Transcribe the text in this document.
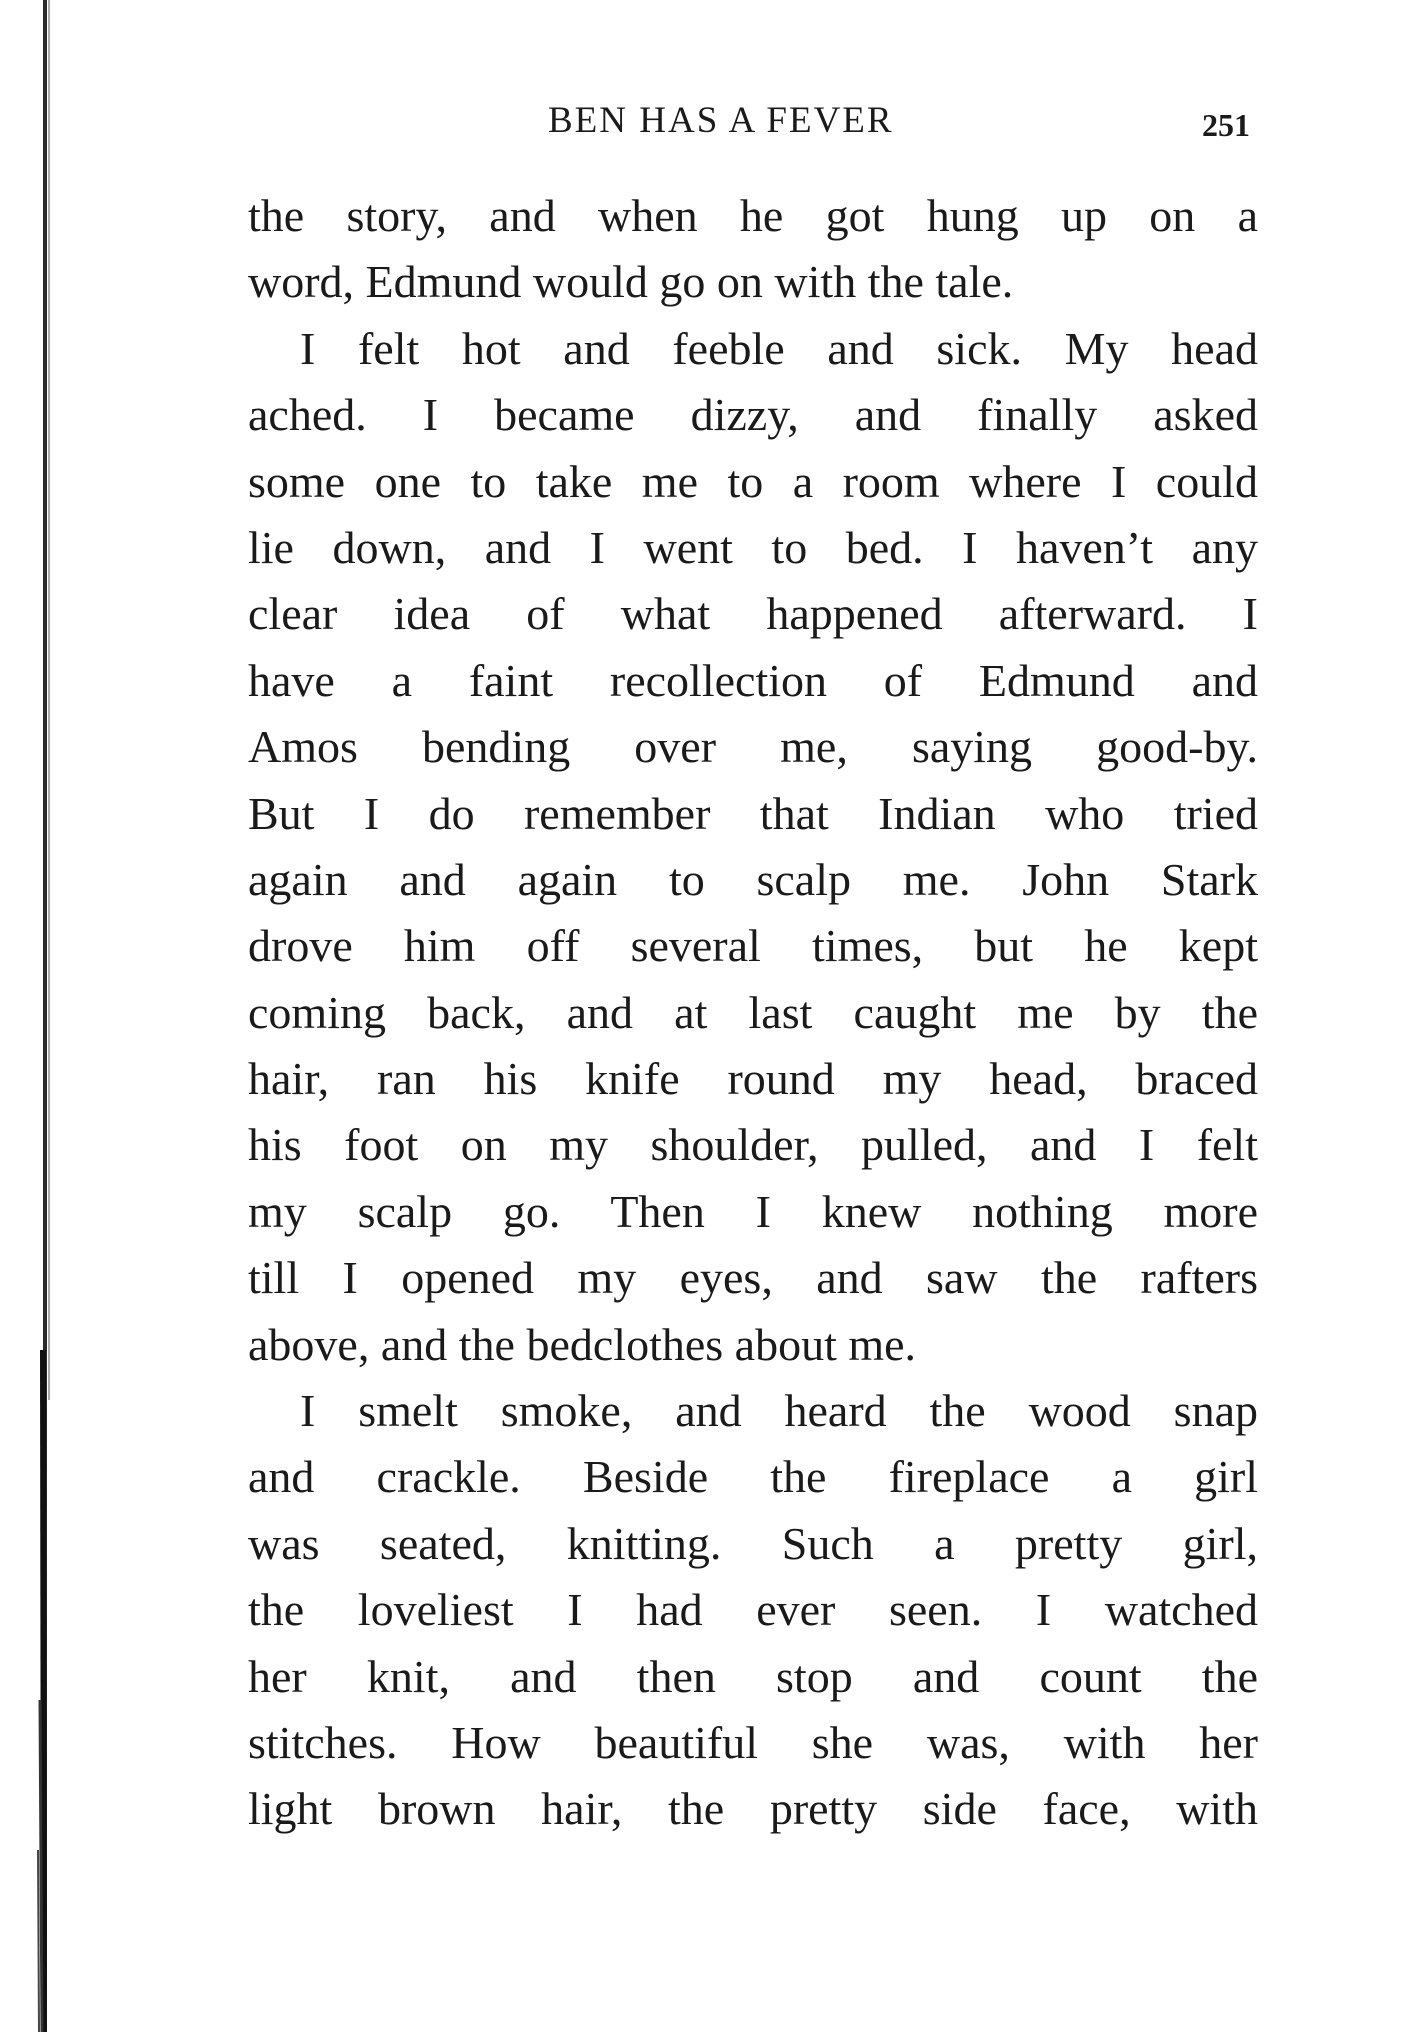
BEN HAS A FEVER	251
the story, and when he got hung up on a
word, Edmund would go on with the tale.
I felt hot and feeble and sick. My head
ached. I became dizzy, and finally asked
some one to take me to a room where I could
lie down, and I went to bed. I haven’t any
clear idea of what happened afterward. I
have a faint recollection of Edmund and
Amos bending over me, saying good-by.
But I do remember that Indian who tried
again and again to scalp me. John Stark
drove him off several times, but he kept
coming back, and at last caught me by the
hair, ran his knife round my head, braced
his foot on my shoulder, pulled, and I felt
my scalp go. Then I knew nothing more
till I opened my eyes, and saw the rafters
above, and the bedclothes about me.
I smelt smoke, and heard the wood snap
and crackle. Beside the fireplace a girl
was seated, knitting. Such a pretty girl,
the loveliest I had ever seen. I watched
her knit, and then stop and count the
stitches. How beautiful she was, with her
light brown hair, the pretty side face, with
